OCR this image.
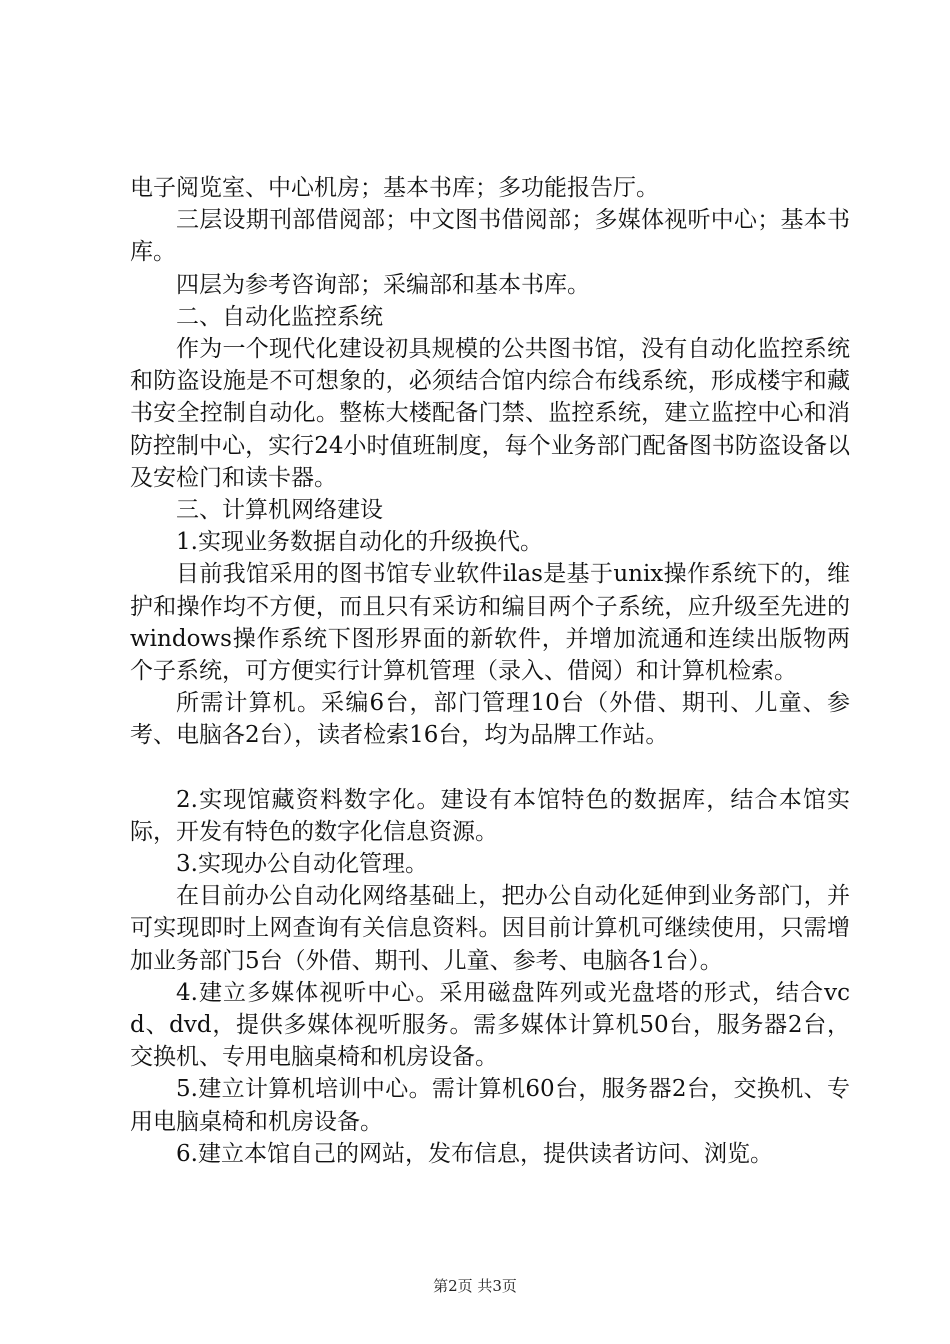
电子阅览室、中心机房；基本书库；多功能报告厅。

三层设期刊部借阅部；中文图书借阅部；多媒体视听中心；基本书库。

四层为参考咨询部；采编部和基本书库。

二、自动化监控系统

作为一个现代化建设初具规模的公共图书馆，没有自动化监控系统和防盗设施是不可想象的，必须结合馆内综合布线系统，形成楼宇和藏书安全控制自动化。整栋大楼配备门禁、监控系统，建立监控中心和消防控制中心，实行24小时值班制度，每个业务部门配备图书防盗设备以及安检门和读卡器。

三、计算机网络建设

1.实现业务数据自动化的升级换代。

目前我馆采用的图书馆专业软件ilas是基于unix操作系统下的，维护和操作均不方便，而且只有采访和编目两个子系统，应升级至先进的windows操作系统下图形界面的新软件，并增加流通和连续出版物两个子系统，可方便实行计算机管理（录入、借阅）和计算机检索。

所需计算机。采编6台，部门管理10台（外借、期刊、儿童、参考、电脑各2台），读者检索16台，均为品牌工作站。

2.实现馆藏资料数字化。建设有本馆特色的数据库，结合本馆实际，开发有特色的数字化信息资源。

3.实现办公自动化管理。

在目前办公自动化网络基础上，把办公自动化延伸到业务部门，并可实现即时上网查询有关信息资料。因目前计算机可继续使用，只需增加业务部门5台（外借、期刊、儿童、参考、电脑各1台）。

4.建立多媒体视听中心。采用磁盘阵列或光盘塔的形式，结合vcd、dvd，提供多媒体视听服务。需多媒体计算机50台，服务器2台，交换机、专用电脑桌椅和机房设备。

5.建立计算机培训中心。需计算机60台，服务器2台，交换机、专用电脑桌椅和机房设备。

6.建立本馆自己的网站，发布信息，提供读者访问、浏览。

第2页 共3页
